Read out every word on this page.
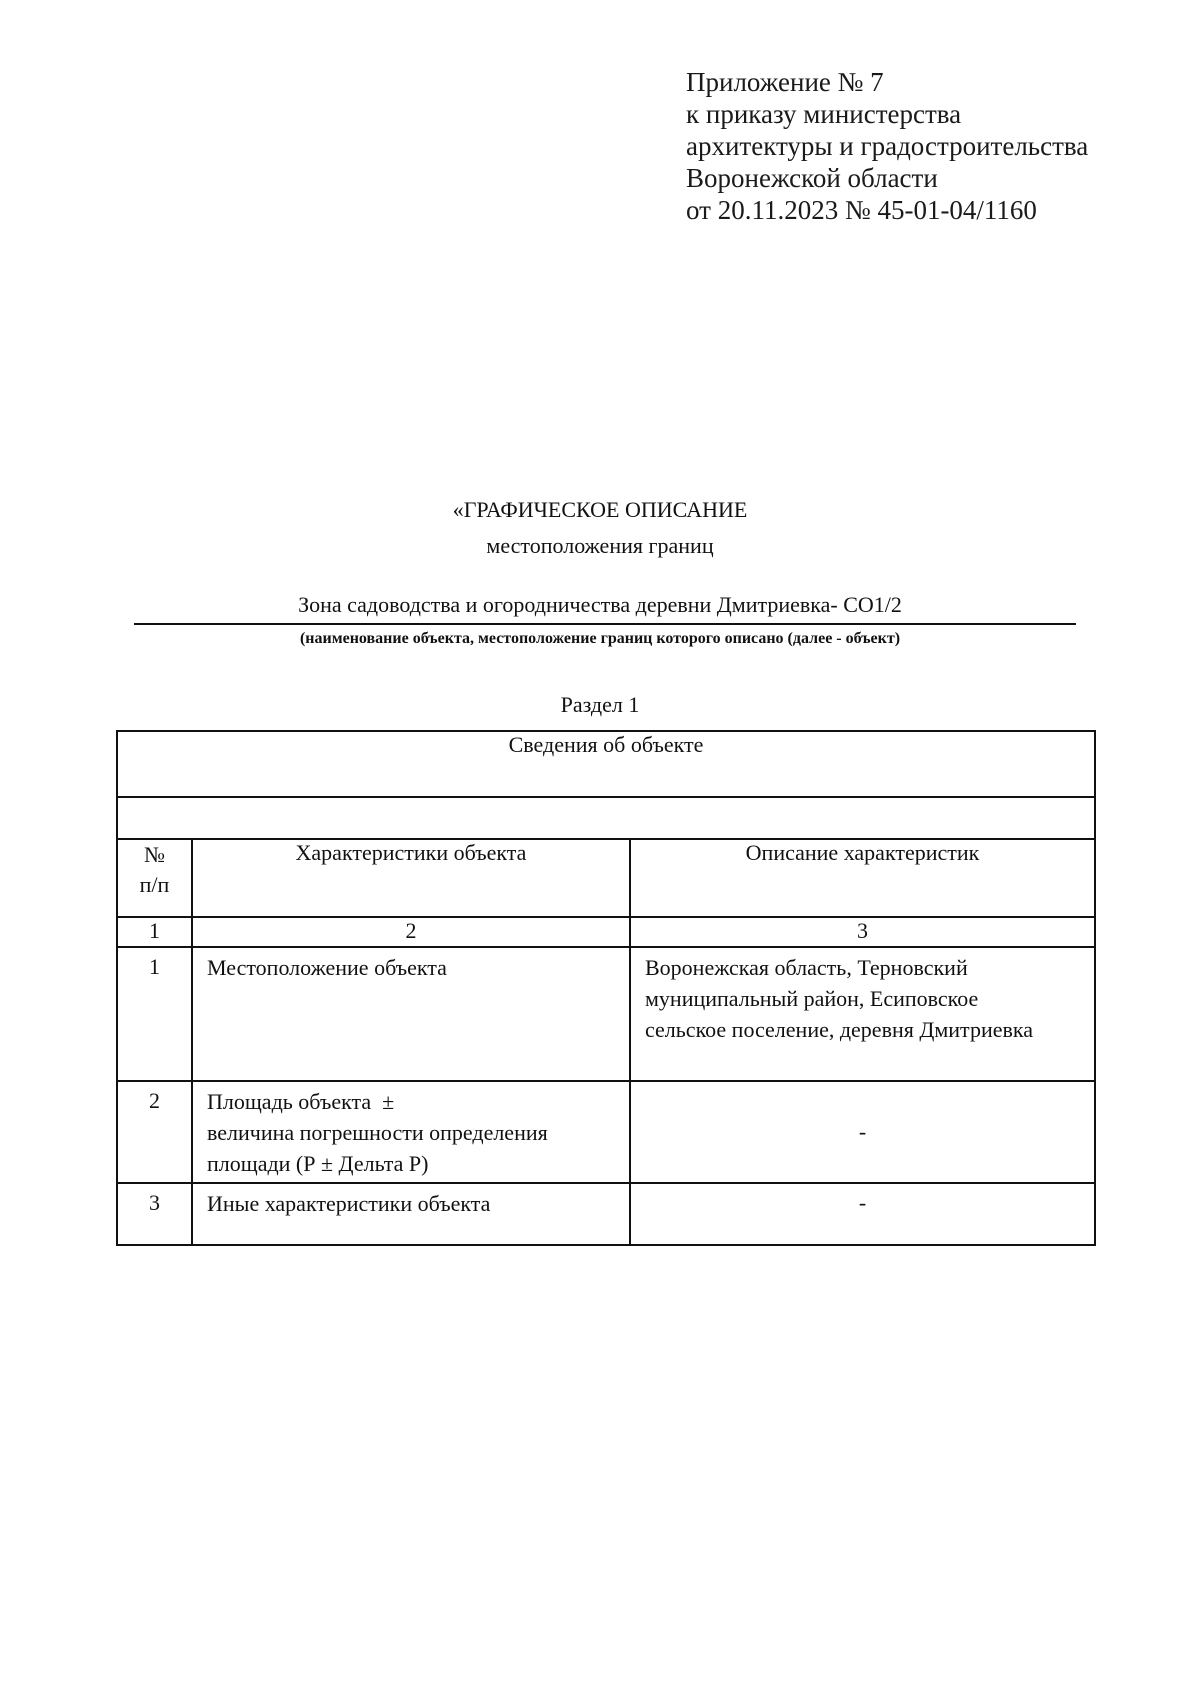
Приложение № 7
к приказу министерства
архитектуры и градостроительства
Воронежской области
от 20.11.2023 № 45-01-04/1160
«ГРАФИЧЕСКОЕ ОПИСАНИЕ
местоположения границ
Зона садоводства и огородничества деревни Дмитриевка- СО1/2
(наименование объекта, местоположение границ которого описано (далее - объект)
Раздел 1
Сведения об объекте		

№
п/п	Характеристики объекта	Описание характеристик
1	2	3
1	Местоположение объекта	Воронежская область, Терновский
муниципальный район, Есиповское
сельское поселение, деревня Дмитриевка

2	Площадь объекта  ±
величина погрешности определения
площади (Р ± Дельта Р)	-
3	Иные характеристики объекта	-
